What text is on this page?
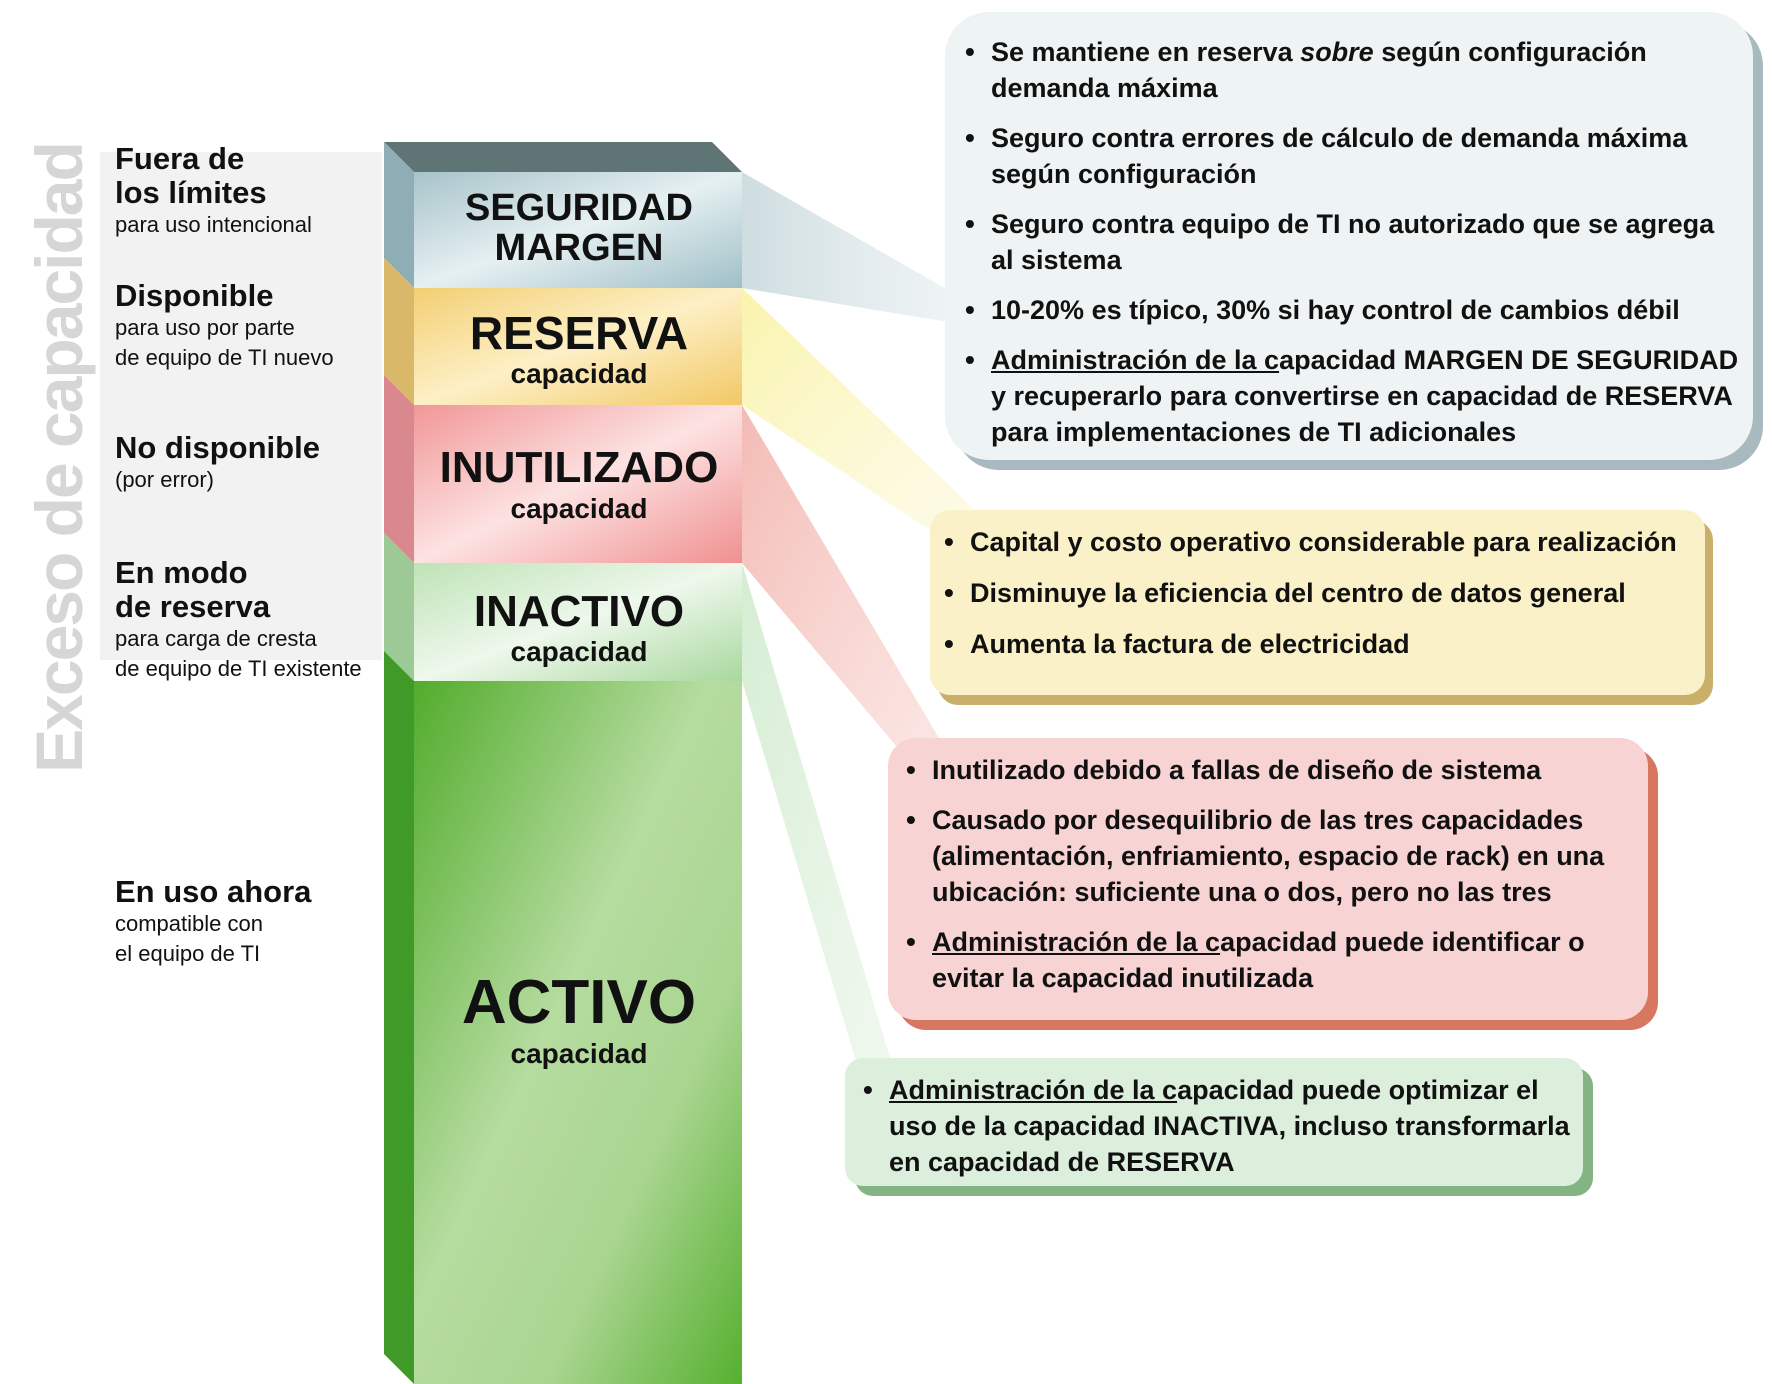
Exceso de capacidad Fuera de
los límites
para uso intencional
Disponible
para uso por parte
de equipo de TI nuevo
No disponible
(por error)
En modo
de reserva
para carga de cresta
de equipo de TI existente
En uso ahora
compatible con
el equipo de TI
SEGURIDAD
MARGEN
RESERVA
capacidad
INUTILIZADO
capacidad
INACTIVO
capacidad
ACTIVO
capacidad
• Se mantiene en reserva sobre según configuración demanda máxima
• Seguro contra errores de cálculo de demanda máxima según configuración
• Seguro contra equipo de TI no autorizado que se agrega al sistema
• 10-20% es típico, 30% si hay control de cambios débil
• Administración de la capacidad MARGEN DE SEGURIDAD y recuperarlo para convertirse en capacidad de RESERVA para implementaciones de TI adicionales
• Capital y costo operativo considerable para realización
• Disminuye la eficiencia del centro de datos general
• Aumenta la factura de electricidad
• Inutilizado debido a fallas de diseño de sistema
• Causado por desequilibrio de las tres capacidades (alimentación, enfriamiento, espacio de rack) en una ubicación: suficiente una o dos, pero no las tres
• Administración de la capacidad puede identificar o evitar la capacidad inutilizada
• Administración de la capacidad puede optimizar el uso de la capacidad INACTIVA, incluso transformarla en capacidad de RESERVA
